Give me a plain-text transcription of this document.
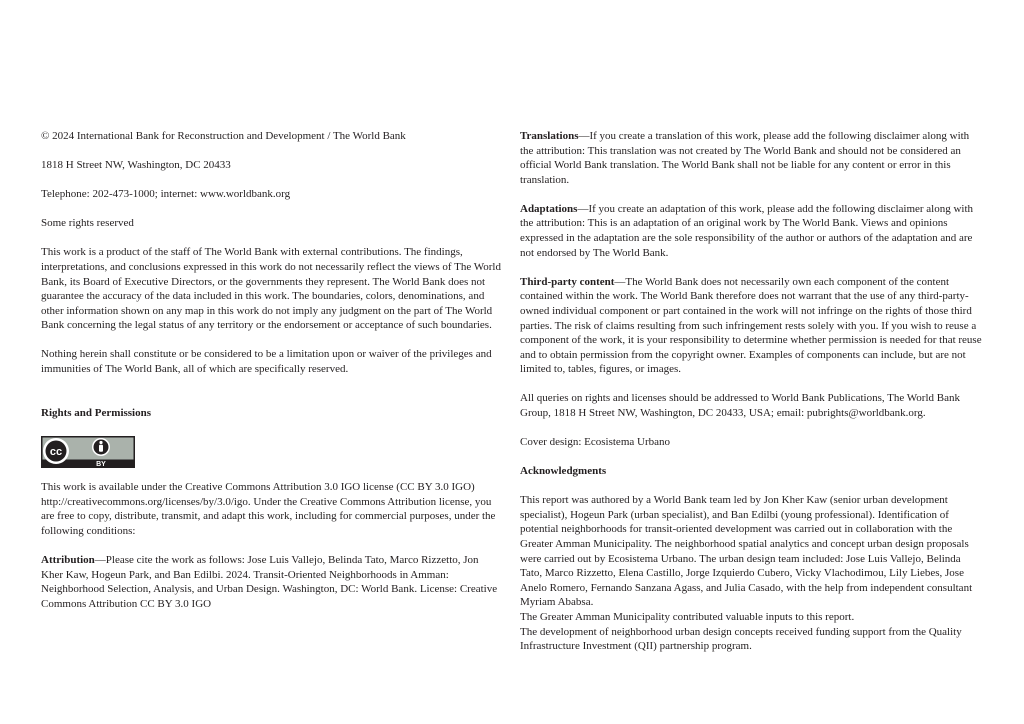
© 2024 International Bank for Reconstruction and Development / The World Bank

1818 H Street NW, Washington, DC 20433

Telephone: 202-473-1000; internet: www.worldbank.org

Some rights reserved

This work is a product of the staff of The World Bank with external contributions. The findings, interpretations, and conclusions expressed in this work do not necessarily reflect the views of The World Bank, its Board of Executive Directors, or the governments they represent. The World Bank does not guarantee the accuracy of the data included in this work. The boundaries, colors, denominations, and other information shown on any map in this work do not imply any judgment on the part of The World Bank concerning the legal status of any territory or the endorsement or acceptance of such boundaries.

Nothing herein shall constitute or be considered to be a limitation upon or waiver of the privileges and immunities of The World Bank, all of which are specifically reserved.

Rights and Permissions

cc
BY

This work is available under the Creative Commons Attribution 3.0 IGO license (CC BY 3.0 IGO) http://creativecommons.org/licenses/by/3.0/igo. Under the Creative Commons Attribution license, you are free to copy, distribute, transmit, and adapt this work, including for commercial purposes, under the following conditions:

Attribution—Please cite the work as follows: Jose Luis Vallejo, Belinda Tato, Marco Rizzetto, Jon Kher Kaw, Hogeun Park, and Ban Edilbi. 2024. Transit-Oriented Neighborhoods in Amman: Neighborhood Selection, Analysis, and Urban Design. Washington, DC: World Bank. License: Creative Commons Attribution CC BY 3.0 IGO

Translations—If you create a translation of this work, please add the following disclaimer along with the attribution: This translation was not created by The World Bank and should not be considered an official World Bank translation. The World Bank shall not be liable for any content or error in this translation.

Adaptations—If you create an adaptation of this work, please add the following disclaimer along with the attribution: This is an adaptation of an original work by The World Bank. Views and opinions expressed in the adaptation are the sole responsibility of the author or authors of the adaptation and are not endorsed by The World Bank.

Third-party content—The World Bank does not necessarily own each component of the content contained within the work. The World Bank therefore does not warrant that the use of any third-party-owned individual component or part contained in the work will not infringe on the rights of those third parties. The risk of claims resulting from such infringement rests solely with you. If you wish to reuse a component of the work, it is your responsibility to determine whether permission is needed for that reuse and to obtain permission from the copyright owner. Examples of components can include, but are not limited to, tables, figures, or images.

All queries on rights and licenses should be addressed to World Bank Publications, The World Bank Group, 1818 H Street NW, Washington, DC 20433, USA; email: pubrights@worldbank.org.

Cover design: Ecosistema Urbano

Acknowledgments

This report was authored by a World Bank team led by Jon Kher Kaw (senior urban development specialist), Hogeun Park (urban specialist), and Ban Edilbi (young professional). Identification of potential neighborhoods for transit-oriented development was carried out in collaboration with the Greater Amman Municipality. The neighborhood spatial analytics and concept urban design proposals were carried out by Ecosistema Urbano. The urban design team included: Jose Luis Vallejo, Belinda Tato, Marco Rizzetto, Elena Castillo, Jorge Izquierdo Cubero, Vicky Vlachodimou, Lily Liebes, Jose Anelo Romero, Fernando Sanzana Agass, and Julia Casado, with the help from independent consultant Myriam Ababsa.

The Greater Amman Municipality contributed valuable inputs to this report.

The development of neighborhood urban design concepts received funding support from the Quality Infrastructure Investment (QII) partnership program.
